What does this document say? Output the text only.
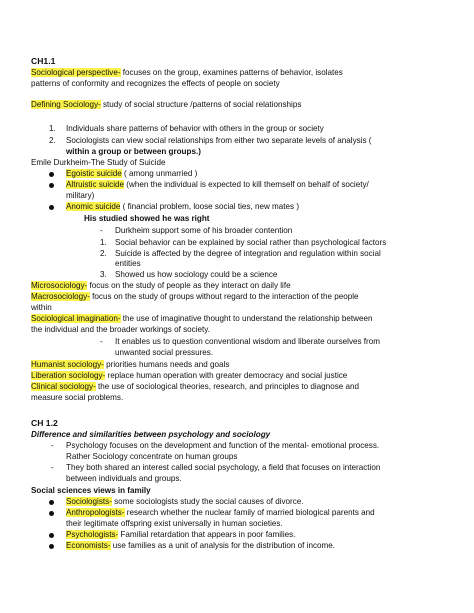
CH1.1
Sociological perspective- focuses on the group, examines patterns of behavior, isolates
patterns of conformity and recognizes the effects of people on society
Defining Sociology- study of social structure /patterns of social relationships
1. Individuals share patterns of behavior with others in the group or society
2. Sociologists can view social relationships from either two separate levels of analysis (
within a group or between groups.)
Emile Durkheim-The Study of Suicide
Egoistic suicide ( among unmarried )
Altruistic suicide (when the individual is expected to kill themself on behalf of society/
military)
Anomic suicide ( financial problem, loose social ties, new mates )
His studied showed he was right
- Durkheim support some of his broader contention
1. Social behavior can be explained by social rather than psychological factors
2. Suicide is affected by the degree of integration and regulation within social
entities
3. Showed us how sociology could be a science
Microsociology- focus on the study of people as they interact on daily life
Macrosociology- focus on the study of groups without regard to the interaction of the people
within
Sociological imagination- the use of imaginative thought to understand the relationship between
the individual and the broader workings of society.
- It enables us to question conventional wisdom and liberate ourselves from
unwanted social pressures.
Humanist sociology- priorities humans needs and goals
Liberation sociology- replace human operation with greater democracy and social justice
Clinical sociology- the use of sociological theories, research, and principles to diagnose and
measure social problems.
CH 1.2
Difference and similarities between psychology and sociology
- Psychology focuses on the development and function of the mental- emotional process.
Rather Sociology concentrate on human groups
- They both shared an interest called social psychology, a field that focuses on interaction
between individuals and groups.
Social sciences views in family
Sociologists- some sociologists study the social causes of divorce.
Anthropologists- research whether the nuclear family of married biological parents and
their legitimate offspring exist universally in human societies.
Psychologists- Familial retardation that appears in poor families.
Economists- use families as a unit of analysis for the distribution of income.
